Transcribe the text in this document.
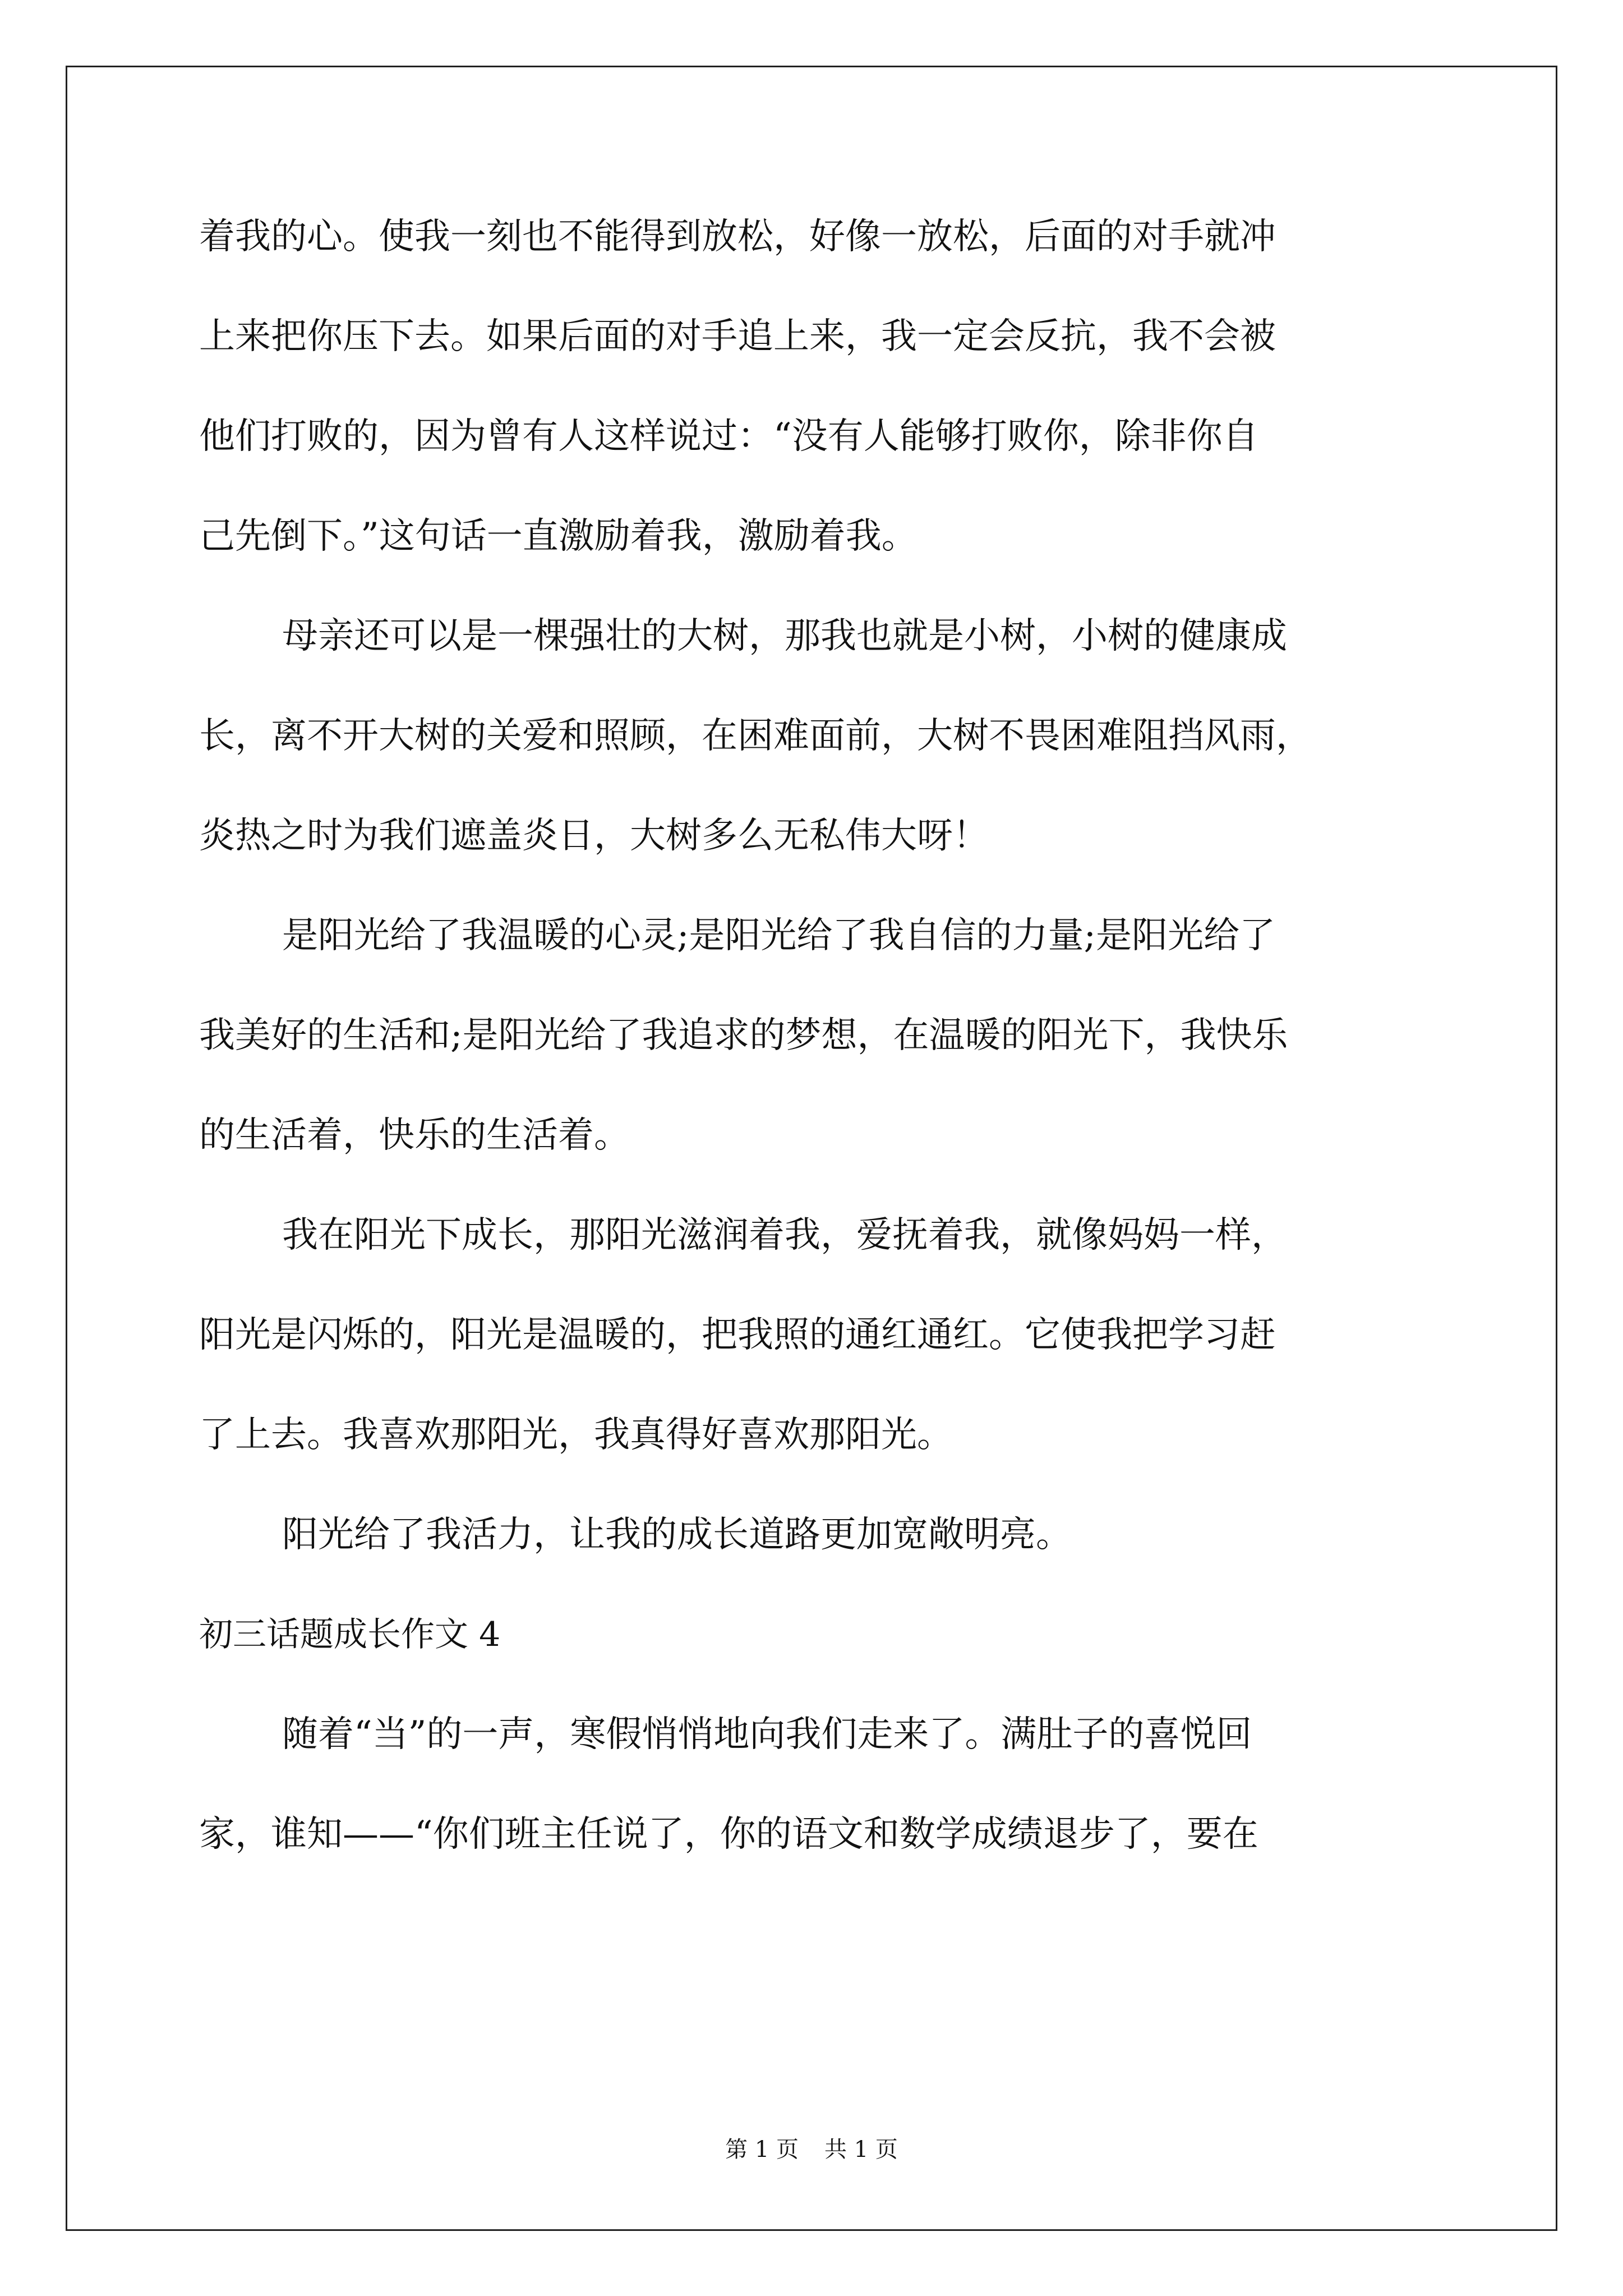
着我的心。使我一刻也不能得到放松，好像一放松，后面的对手就冲
上来把你压下去。如果后面的对手追上来，我一定会反抗，我不会被
他们打败的，因为曾有人这样说过：“没有人能够打败你，除非你自
己先倒下。”这句话一直激励着我，激励着我。
母亲还可以是一棵强壮的大树，那我也就是小树，小树的健康成
长，离不开大树的关爱和照顾，在困难面前，大树不畏困难阻挡风雨，
炎热之时为我们遮盖炎日，大树多么无私伟大呀！
是阳光给了我温暖的心灵;是阳光给了我自信的力量;是阳光给了
我美好的生活和;是阳光给了我追求的梦想，在温暖的阳光下，我快乐
的生活着，快乐的生活着。
我在阳光下成长，那阳光滋润着我，爱抚着我，就像妈妈一样，
阳光是闪烁的，阳光是温暖的，把我照的通红通红。它使我把学习赶
了上去。我喜欢那阳光，我真得好喜欢那阳光。
阳光给了我活力，让我的成长道路更加宽敞明亮。
初三话题成长作文 4
随着“当”的一声，寒假悄悄地向我们走来了。满肚子的喜悦回
家，谁知——“你们班主任说了，你的语文和数学成绩退步了，要在
第 1 页 共 1 页
